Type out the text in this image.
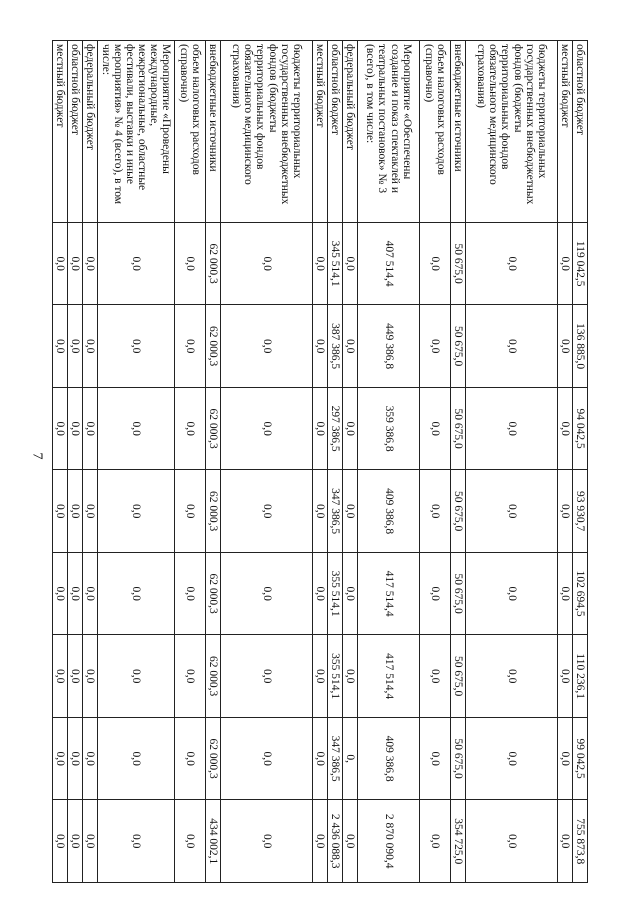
7
областной бюджет	119 042,5	136 885,0	94 042,5	93 930,7	102 694,5	110 236,1	99 042,5	755 873,8
местный бюджет	0,0	0,0	0,0	0,0	0,0	0,0	0,0	0,0
бюджеты территориальных государственных внебюджетных фондов (бюджеты территориальных фондов обязательного медицинского страхования)	0,0	0,0	0,0	0,0	0,0	0,0	0,0	0,0
внебюджетные источники	50 675,0	50 675,0	50 675,0	50 675,0	50 675,0	50 675,0	50 675,0	354 725,0
объем налоговых расходов (справочно)	0,0	0,0	0,0	0,0	0,0	0,0	0,0	0,0
Мероприятие «Обеспечены создание и показ спектаклей и театральных постановок» № 3 (всего), в том числе:	407 514,4	449 386,8	359 386,8	409 386,8	417 514,4	417 514,4	409 386,8	2 870 090,4
федеральный бюджет	0,0	0,0	0,0	0,0	0,0	0,0	0,	0,0
областной бюджет	345 514,1	387 386,5	297 386,5	347 386,5	355 514,1	355 514,1	347 386,5	2 436 088,3
местный бюджет	0,0	0,0	0,0	0,0	0,0	0,0	0,0	0,0
бюджеты территориальных государственных внебюджетных фондов (бюджеты территориальных фондов обязательного медицинского страхования)	0,0	0,0	0,0	0,0	0,0	0,0	0,0	0,0
внебюджетные источники	62 000,3	62 000,3	62 000,3	62 000,3	62 000,3	62 000,3	62 000,3	434 002,1
объем налоговых расходов (справочно)	0,0	0,0	0,0	0,0	0,0	0,0	0,0	0,0
Мероприятие «Проведены международные, межрегиональные, областные фестивали, выставки и иные мероприятия» № 4 (всего), в том числе:	0,0	0,0	0,0	0,0	0,0	0,0	0,0	0,0
федеральный бюджет	0,0	0,0	0,0	0,0	0,0	0,0	0,0	0,0
областной бюджет	0,0	0,0	0,0	0,0	0,0	0,0	0,0	0,0
местный бюджет	0,0	0,0	0,0	0,0	0,0	0,0	0,0	0,0
